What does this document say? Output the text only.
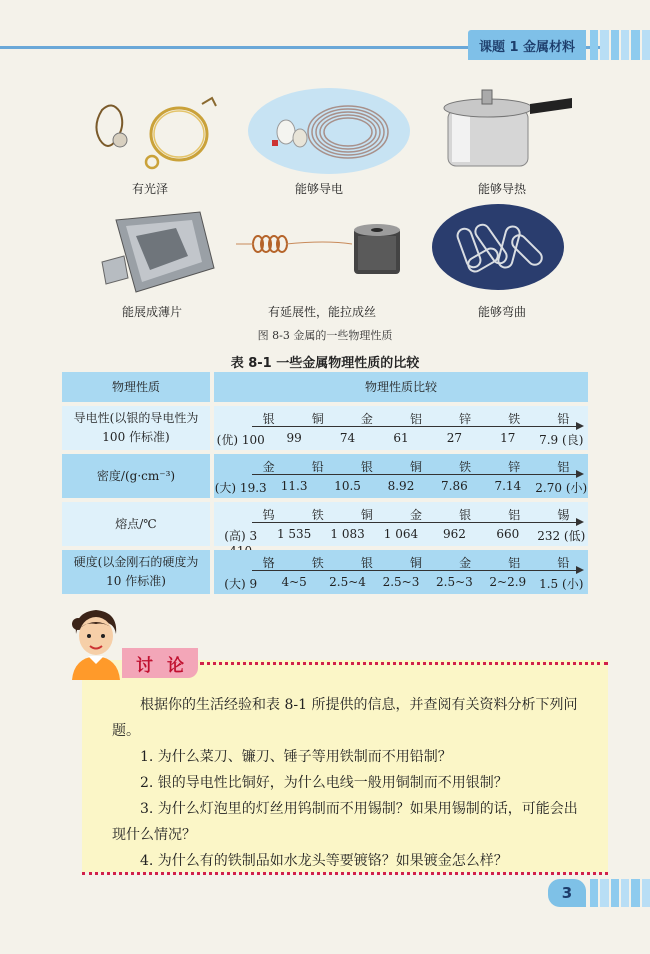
课题 1 金属材料
有光泽	能够导电	能够导热
能展成薄片	有延展性，能拉成丝	能够弯曲
图 8-3 金属的一些物理性质
表 8-1 一些金属物理性质的比较
物理性质	物理性质比较
导电性(以银的导电性为 100 作标准)
银	铜	金	铝	锌	铁	铅
(优) 100	99	74	61	27	17	7.9 (良)
密度/(g·cm⁻³)
金	铅	银	铜	铁	锌	铝
(大) 19.3	11.3	10.5	8.92	7.86	7.14	2.70 (小)
熔点/℃
钨	铁	铜	金	银	铝	锡
(高) 3	1 535	1 083	1 064	962	660	232 (低)
硬度(以金刚石的硬度为 10 作标准)
铬	铁	银	铜	金	铝	铅
(大) 9	4~5	2.5~4	2.5~3	2.5~3	2~2.9	1.5 (小)
讨论
根据你的生活经验和表 8-1 所提供的信息，并查阅有关资料分析下列问题。
1. 为什么菜刀、镰刀、锤子等用铁制而不用铅制？
2. 银的导电性比铜好，为什么电线一般用铜制而不用银制？
3. 为什么灯泡里的灯丝用钨制而不用锡制？如果用锡制的话，可能会出现什么情况？
4. 为什么有的铁制品如水龙头等要镀铬？如果镀金怎么样？
3
